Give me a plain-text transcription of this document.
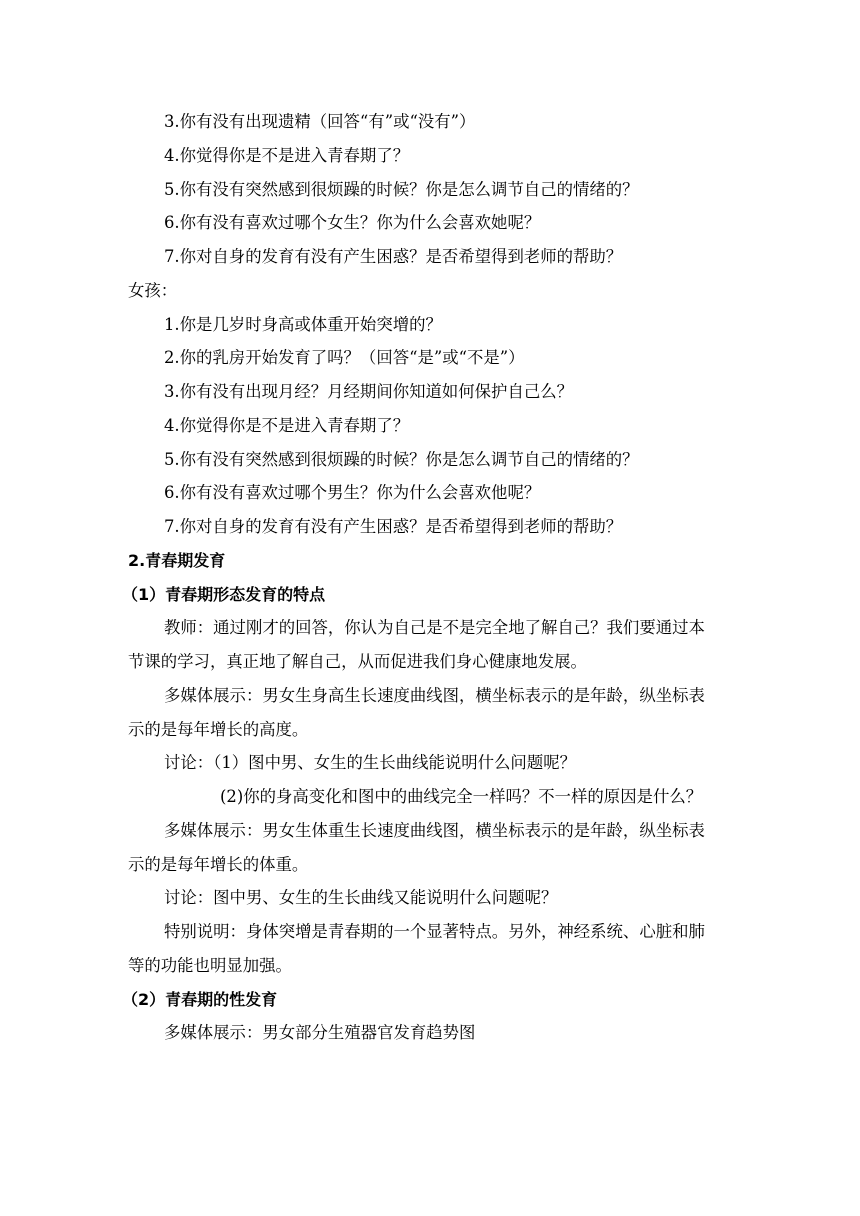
3.你有没有出现遗精（回答“有”或“没有”）
4.你觉得你是不是进入青春期了？
5.你有没有突然感到很烦躁的时候？你是怎么调节自己的情绪的？
6.你有没有喜欢过哪个女生？你为什么会喜欢她呢？
7.你对自身的发育有没有产生困惑？是否希望得到老师的帮助？
女孩：
1.你是几岁时身高或体重开始突增的？
2.你的乳房开始发育了吗？（回答“是”或“不是”）
3.你有没有出现月经？月经期间你知道如何保护自己么？
4.你觉得你是不是进入青春期了？
5.你有没有突然感到很烦躁的时候？你是怎么调节自己的情绪的？
6.你有没有喜欢过哪个男生？你为什么会喜欢他呢？
7.你对自身的发育有没有产生困惑？是否希望得到老师的帮助？
2.青春期发育
（1）青春期形态发育的特点
教师：通过刚才的回答，你认为自己是不是完全地了解自己？我们要通过本
节课的学习，真正地了解自己，从而促进我们身心健康地发展。
多媒体展示：男女生身高生长速度曲线图，横坐标表示的是年龄，纵坐标表
示的是每年增长的高度。
讨论：（1）图中男、女生的生长曲线能说明什么问题呢？
(2)你的身高变化和图中的曲线完全一样吗？不一样的原因是什么？
多媒体展示：男女生体重生长速度曲线图，横坐标表示的是年龄，纵坐标表
示的是每年增长的体重。
讨论：图中男、女生的生长曲线又能说明什么问题呢？
特别说明：身体突增是青春期的一个显著特点。另外，神经系统、心脏和肺
等的功能也明显加强。
（2）青春期的性发育
多媒体展示：男女部分生殖器官发育趋势图
